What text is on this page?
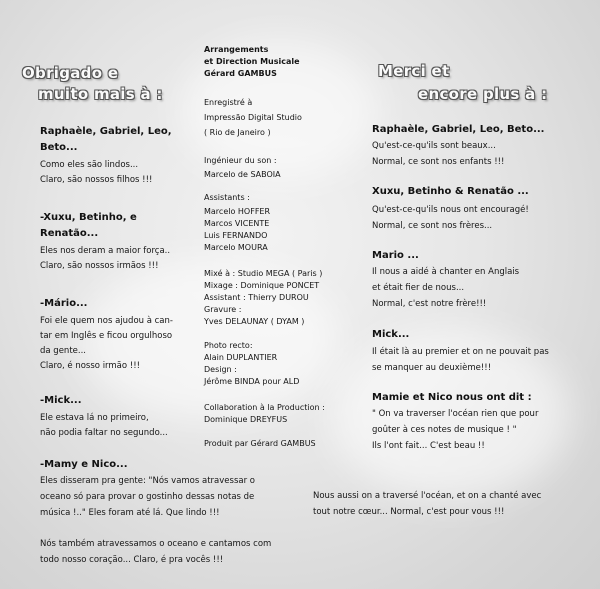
Obrigado e
muito mais à :
Raphaèle, Gabriel, Leo,
Beto...
Como eles são lindos...
Claro, são nossos filhos !!!
-Xuxu, Betinho, e
Renatão...
Eles nos deram a maior força..
Claro, são nossos irmãos !!!
-Mário...
Foi ele quem nos ajudou à can-
tar em Inglês e ficou orgulhoso
da gente...
Claro, é nosso irmão !!!
-Mick...
Ele estava lá no primeiro,
não podia faltar no segundo...
-Mamy e Nico...
Eles disseram pra gente: "Nós vamos atravessar o
oceano só para provar o gostinho dessas notas de
música !.." Eles foram até lá. Que lindo !!!
Nós também atravessamos o oceano e cantamos com
todo nosso coração... Claro, é pra vocês !!!
Arrangements
et Direction Musicale
Gérard GAMBUS
Enregistré à
Impressão Digital Studio
( Rio de Janeiro )
Ingénieur du son :
Marcelo de SABOIA
Assistants :
Marcelo HOFFER
Marcos VICENTE
Luis FERNANDO
Marcelo MOURA
Mixé à : Studio MEGA ( Paris )
Mixage : Dominique PONCET
Assistant : Thierry DUROU
Gravure :
Yves DELAUNAY ( DYAM )
Photo recto:
Alain DUPLANTIER
Design :
Jérôme BINDA pour ALD
Collaboration à la Production :
Dominique DREYFUS
Produit par Gérard GAMBUS
Merci et
encore plus à :
Raphaèle, Gabriel, Leo, Beto...
Qu'est-ce-qu'ils sont beaux...
Normal, ce sont nos enfants !!!
Xuxu, Betinho & Renatão ...
Qu'est-ce-qu'ils nous ont encouragé!
Normal, ce sont nos frères...
Mario ...
Il nous a aidé à chanter en Anglais
et était fier de nous...
Normal, c'est notre frère!!!
Mick...
Il était là au premier et on ne pouvait pas
se manquer au deuxième!!!
Mamie et Nico nous ont dit :
" On va traverser l'océan rien que pour
goûter à ces notes de musique ! "
Ils l'ont fait... C'est beau !!
Nous aussi on a traversé l'océan, et on a chanté avec
tout notre cœur... Normal, c'est pour vous !!!
